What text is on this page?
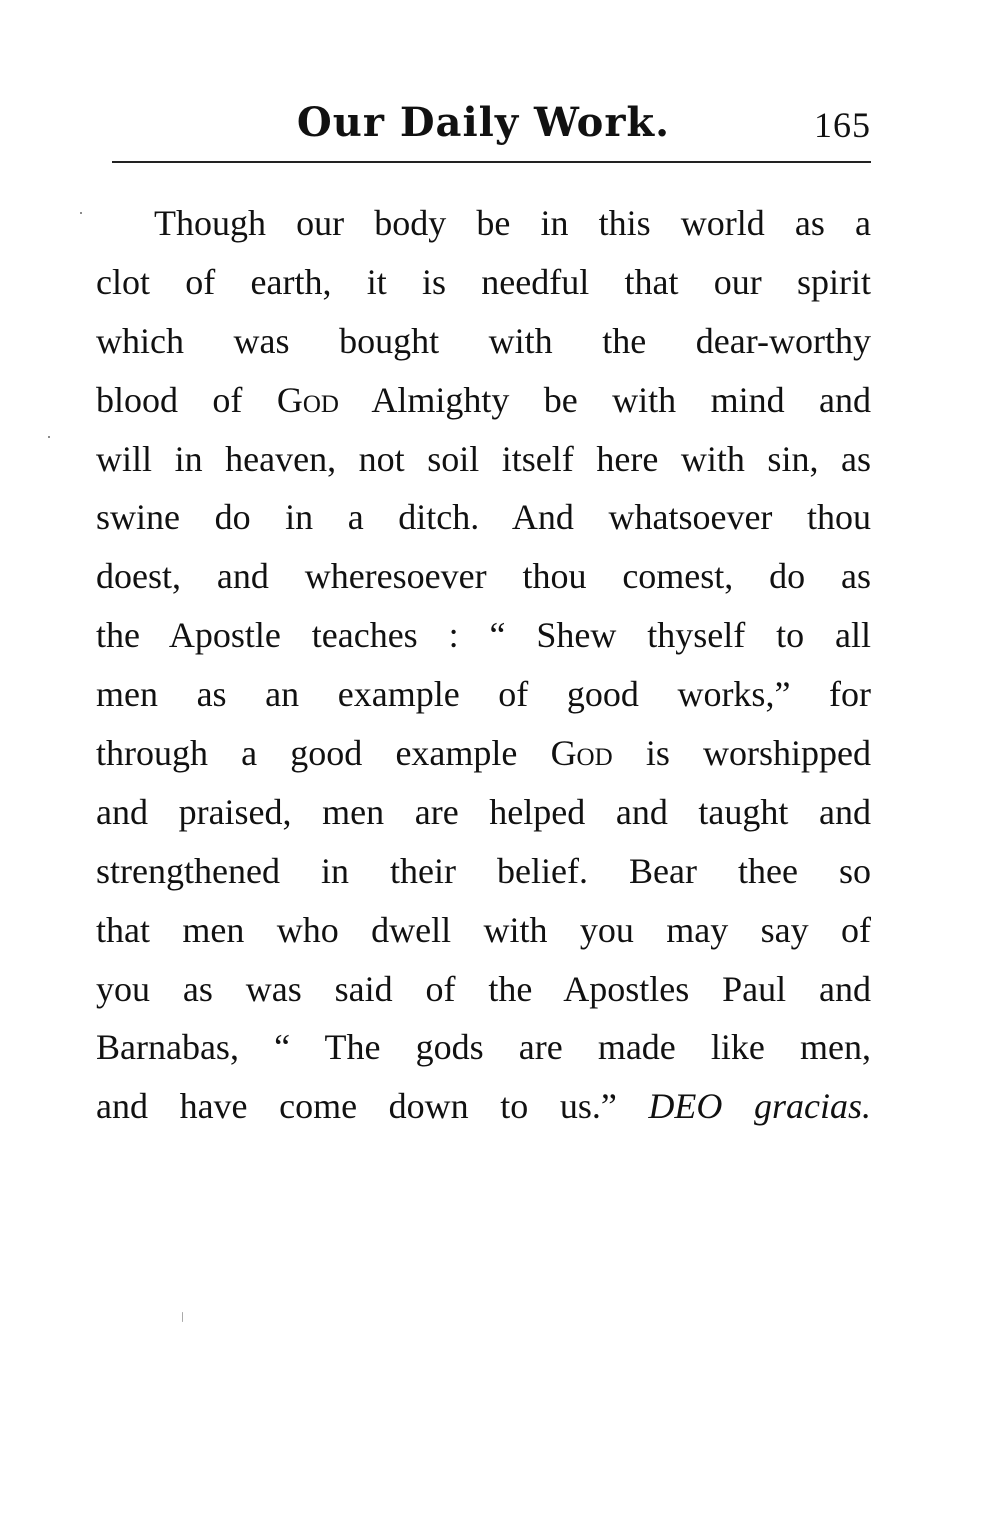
Our Daily Work.	165
Though our body be in this world as a
clot of earth, it is needful that our spirit
which was bought with the dear-worthy
blood of God Almighty be with mind and
will in heaven, not soil itself here with sin, as
swine do in a ditch. And whatsoever thou
doest, and wheresoever thou comest, do as
the Apostle teaches : “ Shew thyself to all
men as an example of good works,” for
through a good example God is worshipped
and praised, men are helped and taught and
strengthened in their belief. Bear thee so
that men who dwell with you may say of
you as was said of the Apostles Paul and
Barnabas, “ The gods are made like men,
and have come down to us.” DEO gracias.
